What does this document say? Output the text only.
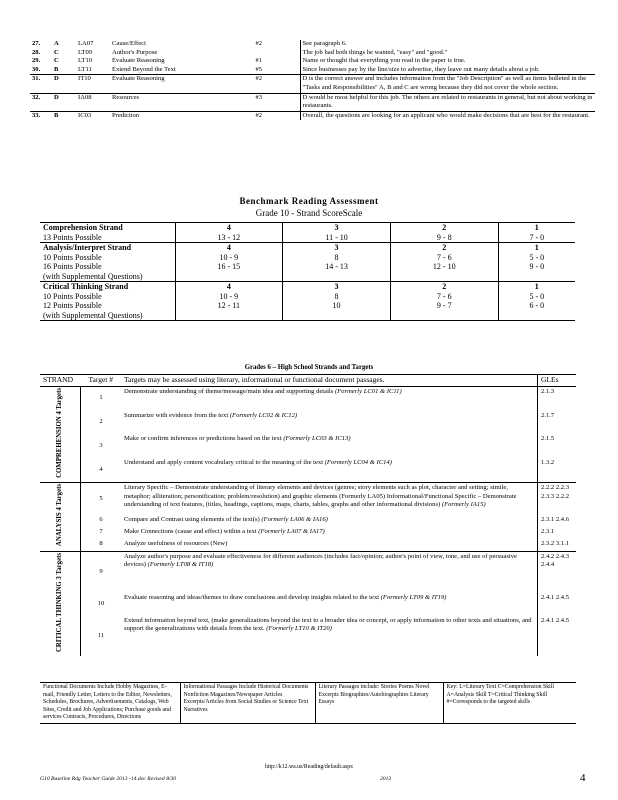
27.	A	LA07	Cause/Effect	#2	See paragraph 6.
28.	C	LT09	Author's Purpose		The job had both things he wanted, "easy" and "good."
29.	C	LT10	Evaluate Reasoning	#1	Name or thought that everything you read in the paper is true.
30.	B	LT11	Extend Beyond the Text	#5	Since businesses pay by the line/size to advertise, they leave out many details about a job.
31.	D	IT10	Evaluate Reasoning	#2	D is the correct answer and includes information from the "Job Description" as well as items bulleted in the "Tasks and Responsibilities" A, B and C are wrong because they did not cover the whole section.
32.	D	IA08	Resources	#3	D would be most helpful for this job. The others are related to restaurants in general, but not about working in restaurants.
33.	B	IC03	Prediction	#2	Overall, the questions are looking for an applicant who would make decisions that are best for the restaurant.
Benchmark Reading Assessment
Grade 10 - Strand ScoreScale
Comprehension Strand	4	3	2	1
13 Points Possible	13 - 12	11 - 10	9 - 8	7 - 0
Analysis/Interpret Strand	4	3	2	1
10 Points Possible	10 - 9	8	7 - 6	5 - 0
16 Points Possible	16 - 15	14 - 13	12 - 10	9 - 0
(with Supplemental Questions)				
Critical Thinking Strand	4	3	2	1
10 Points Possible	10 - 9	8	7 - 6	5 - 0
12 Points Possible	12 - 11	10	9 - 7	6 - 0
(with Supplemental Questions)				
Grades 6 – High School Strands and Targets
STRAND	Target #	Targets may be assessed using literary, informational or functional document passages.	GLEs
COMPREHENSION 4 Targets	1	Demonstrate understanding of theme/message/main idea and supporting details (Formerly LC01 & IC11)	2.1.3
	2	Summarize with evidence from the text (Formerly LC02 & IC12)	2.1.7
	3	Make or confirm inferences or predictions based on the text (Formerly LC03 & IC13)	2.1.5
	4	Understand and apply content vocabulary critical to the meaning of the text (Formerly LC04 & IC14)	1.3.2
ANALYSIS 4 Targets	5	Literary Specific – Demonstrate understanding of literary elements and devices (genres; story elements such as plot, character and setting; simile, metaphor; alliteration; personification; problem/resolution) and graphic elements (Formerly LA05) Informational/Functional Specific – Demonstrate understanding of text features, (titles, headings, captions, maps, charts, tables, graphs and other informational divisions) (Formerly IA15)	2.2.2 2.2.3 2.3.3 2.2.2
	6	Compare and Contrast using elements of the text(s) (Formerly LA06 & IA16)	2.3.1 2.4.6
	7	Make Connections (cause and effect) within a text (Formerly LA07 & IA17)	2.3.1
	8	Analyze usefulness of resources (New)	2.3.2 3.1.1
CRITICAL THINKING 3 Targets	9	Analyze author's purpose and evaluate effectiveness for different audiences (includes fact/opinion; author's point of view, tone, and use of persuasive devices) (Formerly LT08 & IT18)	2.4.2 2.4.3 2.4.4
	10	Evaluate reasoning and ideas/themes to draw conclusions and develop insights related to the text (Formerly LT09 & IT19)	2.4.1 2.4.5
	11	Extend information beyond text, (make generalizations beyond the text to a broader idea or concept, or apply information to other texts and situations, and support the generalizations with details from the text. (Formerly LT10 & IT20)	2.4.1 2.4.5
Functional Documents Include Hobby Magazines, E-mail, Friendly Letter, Letters to the Editor, Newsletters, Schedules, Brochures, Advertisements, Catalogs, Web Sites, Credit and Job Applications; Purchase goods and services Contracts, Procedures, Directions	Informational Passages Include Historical Documents Nonfiction Magazines/Newspaper Articles Excerpts/Articles from Social Studies or Science Text Narratives	Literary Passages include: Stories Poems Novel Excerpts Biographies/Autobiographies Literary Essays	Key: L=Literary Text C=Comprehension Skill A=Analysis Skill T=Critical Thinking Skill #=Corresponds to the targeted skills
http://k12.wa.us/Reading/default.aspx
G10 Baseline Rdg Teacher Guide 2013 -14.doc Revised 8/30	2013	4
